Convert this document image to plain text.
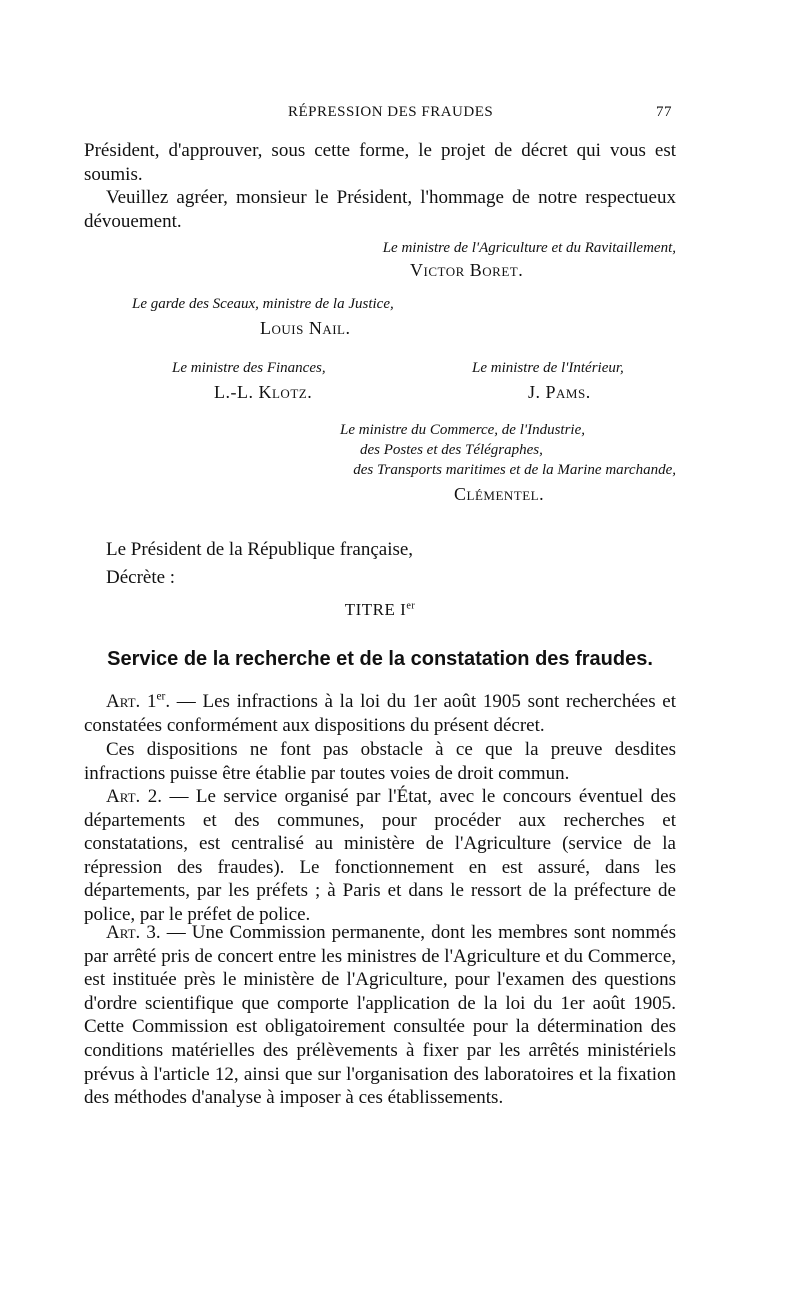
RÉPRESSION DES FRAUDES	77
Président, d'approuver, sous cette forme, le projet de décret qui vous est soumis.
Veuillez agréer, monsieur le Président, l'hommage de notre respectueux dévouement.
Le ministre de l'Agriculture et du Ravitaillement,
Victor Boret.
Le garde des Sceaux, ministre de la Justice,
Louis Nail.
Le ministre des Finances,
L.-L. Klotz.
Le ministre de l'Intérieur,
J. Pams.
Le ministre du Commerce, de l'Industrie,
des Postes et des Télégraphes,
des Transports maritimes et de la Marine marchande,
Clémentel.
Le Président de la République française,
Décrète :
TITRE Ier
Service de la recherche et de la constatation des fraudes.
Art. 1er. — Les infractions à la loi du 1er août 1905 sont recherchées et constatées conformément aux dispositions du présent décret.
Ces dispositions ne font pas obstacle à ce que la preuve desdites infractions puisse être établie par toutes voies de droit commun.
Art. 2. — Le service organisé par l'État, avec le concours éventuel des départements et des communes, pour procéder aux recherches et constatations, est centralisé au ministère de l'Agriculture (service de la répression des fraudes). Le fonctionnement en est assuré, dans les départements, par les préfets ; à Paris et dans le ressort de la préfecture de police, par le préfet de police.
Art. 3. — Une Commission permanente, dont les membres sont nommés par arrêté pris de concert entre les ministres de l'Agriculture et du Commerce, est instituée près le ministère de l'Agriculture, pour l'examen des questions d'ordre scientifique que comporte l'application de la loi du 1er août 1905. Cette Commission est obligatoirement consultée pour la détermination des conditions matérielles des prélèvements à fixer par les arrêtés ministériels prévus à l'article 12, ainsi que sur l'organisation des laboratoires et la fixation des méthodes d'analyse à imposer à ces établissements.
